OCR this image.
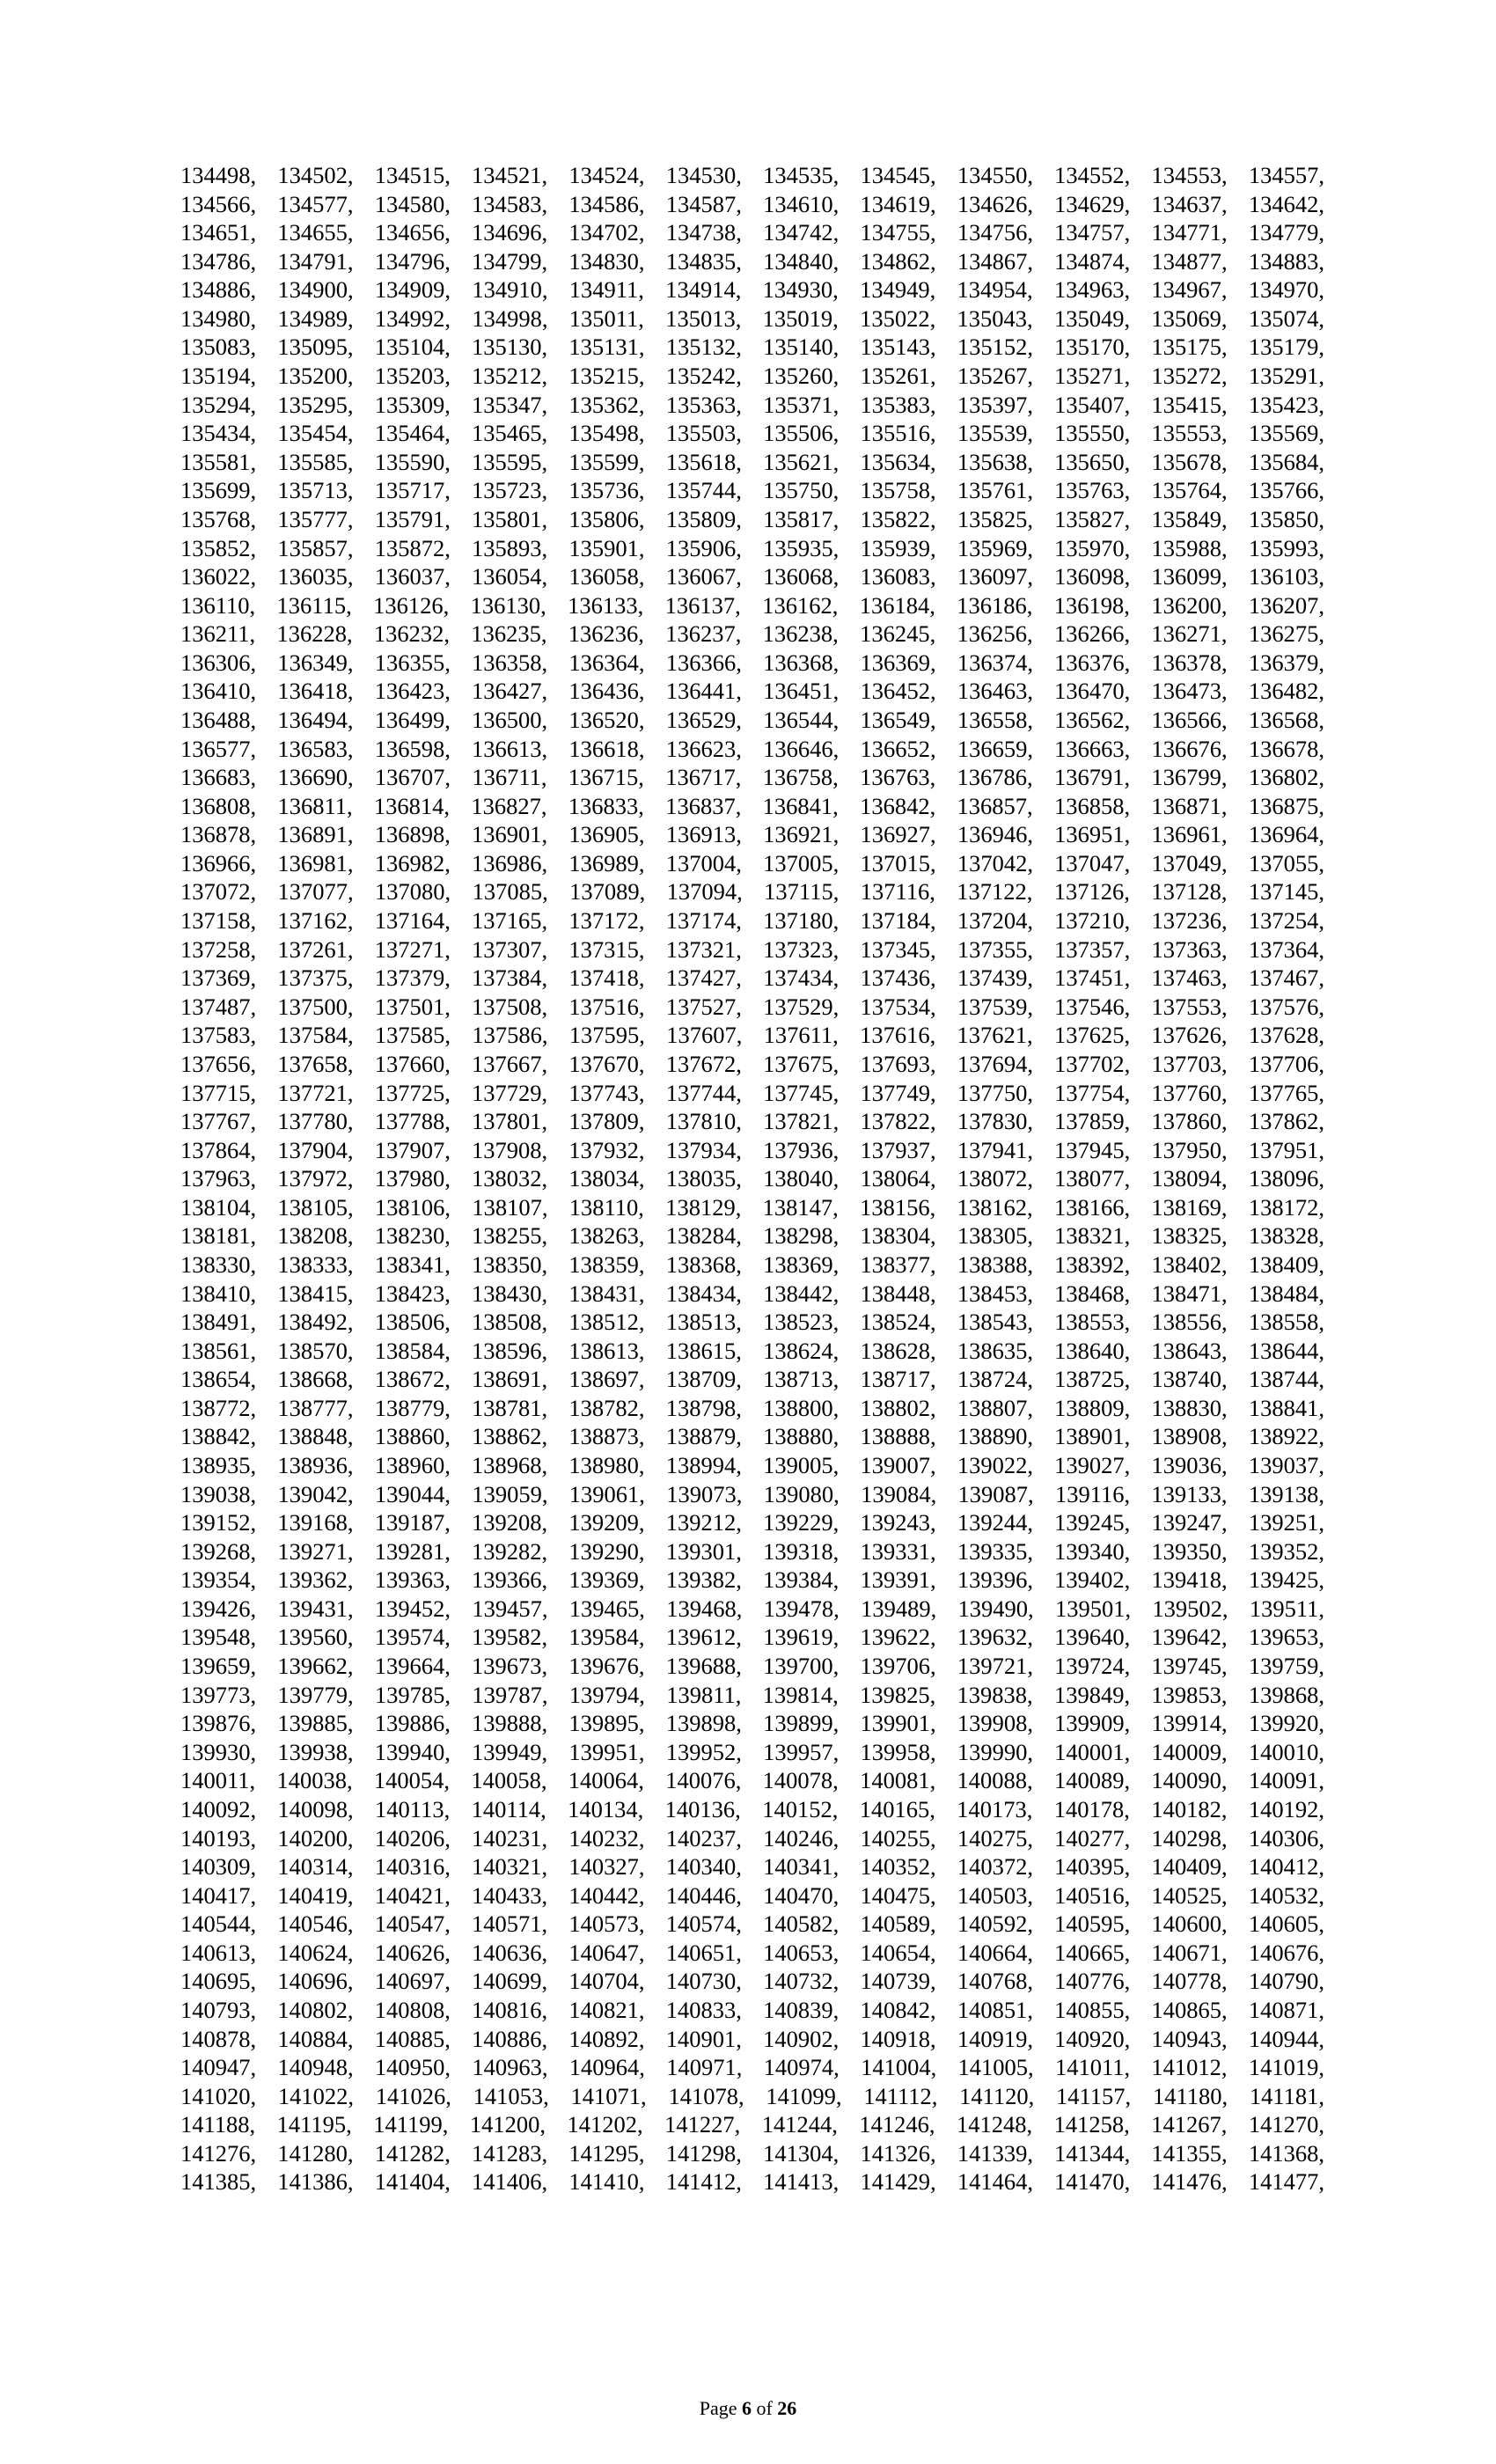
134498, 134502, 134515, 134521, 134524, 134530, 134535, 134545, 134550, 134552, 134553, 134557,
134566, 134577, 134580, 134583, 134586, 134587, 134610, 134619, 134626, 134629, 134637, 134642,
134651, 134655, 134656, 134696, 134702, 134738, 134742, 134755, 134756, 134757, 134771, 134779,
134786, 134791, 134796, 134799, 134830, 134835, 134840, 134862, 134867, 134874, 134877, 134883,
134886, 134900, 134909, 134910, 134911, 134914, 134930, 134949, 134954, 134963, 134967, 134970,
134980, 134989, 134992, 134998, 135011, 135013, 135019, 135022, 135043, 135049, 135069, 135074,
135083, 135095, 135104, 135130, 135131, 135132, 135140, 135143, 135152, 135170, 135175, 135179,
135194, 135200, 135203, 135212, 135215, 135242, 135260, 135261, 135267, 135271, 135272, 135291,
135294, 135295, 135309, 135347, 135362, 135363, 135371, 135383, 135397, 135407, 135415, 135423,
135434, 135454, 135464, 135465, 135498, 135503, 135506, 135516, 135539, 135550, 135553, 135569,
135581, 135585, 135590, 135595, 135599, 135618, 135621, 135634, 135638, 135650, 135678, 135684,
135699, 135713, 135717, 135723, 135736, 135744, 135750, 135758, 135761, 135763, 135764, 135766,
135768, 135777, 135791, 135801, 135806, 135809, 135817, 135822, 135825, 135827, 135849, 135850,
135852, 135857, 135872, 135893, 135901, 135906, 135935, 135939, 135969, 135970, 135988, 135993,
136022, 136035, 136037, 136054, 136058, 136067, 136068, 136083, 136097, 136098, 136099, 136103,
136110, 136115, 136126, 136130, 136133, 136137, 136162, 136184, 136186, 136198, 136200, 136207,
136211, 136228, 136232, 136235, 136236, 136237, 136238, 136245, 136256, 136266, 136271, 136275,
136306, 136349, 136355, 136358, 136364, 136366, 136368, 136369, 136374, 136376, 136378, 136379,
136410, 136418, 136423, 136427, 136436, 136441, 136451, 136452, 136463, 136470, 136473, 136482,
136488, 136494, 136499, 136500, 136520, 136529, 136544, 136549, 136558, 136562, 136566, 136568,
136577, 136583, 136598, 136613, 136618, 136623, 136646, 136652, 136659, 136663, 136676, 136678,
136683, 136690, 136707, 136711, 136715, 136717, 136758, 136763, 136786, 136791, 136799, 136802,
136808, 136811, 136814, 136827, 136833, 136837, 136841, 136842, 136857, 136858, 136871, 136875,
136878, 136891, 136898, 136901, 136905, 136913, 136921, 136927, 136946, 136951, 136961, 136964,
136966, 136981, 136982, 136986, 136989, 137004, 137005, 137015, 137042, 137047, 137049, 137055,
137072, 137077, 137080, 137085, 137089, 137094, 137115, 137116, 137122, 137126, 137128, 137145,
137158, 137162, 137164, 137165, 137172, 137174, 137180, 137184, 137204, 137210, 137236, 137254,
137258, 137261, 137271, 137307, 137315, 137321, 137323, 137345, 137355, 137357, 137363, 137364,
137369, 137375, 137379, 137384, 137418, 137427, 137434, 137436, 137439, 137451, 137463, 137467,
137487, 137500, 137501, 137508, 137516, 137527, 137529, 137534, 137539, 137546, 137553, 137576,
137583, 137584, 137585, 137586, 137595, 137607, 137611, 137616, 137621, 137625, 137626, 137628,
137656, 137658, 137660, 137667, 137670, 137672, 137675, 137693, 137694, 137702, 137703, 137706,
137715, 137721, 137725, 137729, 137743, 137744, 137745, 137749, 137750, 137754, 137760, 137765,
137767, 137780, 137788, 137801, 137809, 137810, 137821, 137822, 137830, 137859, 137860, 137862,
137864, 137904, 137907, 137908, 137932, 137934, 137936, 137937, 137941, 137945, 137950, 137951,
137963, 137972, 137980, 138032, 138034, 138035, 138040, 138064, 138072, 138077, 138094, 138096,
138104, 138105, 138106, 138107, 138110, 138129, 138147, 138156, 138162, 138166, 138169, 138172,
138181, 138208, 138230, 138255, 138263, 138284, 138298, 138304, 138305, 138321, 138325, 138328,
138330, 138333, 138341, 138350, 138359, 138368, 138369, 138377, 138388, 138392, 138402, 138409,
138410, 138415, 138423, 138430, 138431, 138434, 138442, 138448, 138453, 138468, 138471, 138484,
138491, 138492, 138506, 138508, 138512, 138513, 138523, 138524, 138543, 138553, 138556, 138558,
138561, 138570, 138584, 138596, 138613, 138615, 138624, 138628, 138635, 138640, 138643, 138644,
138654, 138668, 138672, 138691, 138697, 138709, 138713, 138717, 138724, 138725, 138740, 138744,
138772, 138777, 138779, 138781, 138782, 138798, 138800, 138802, 138807, 138809, 138830, 138841,
138842, 138848, 138860, 138862, 138873, 138879, 138880, 138888, 138890, 138901, 138908, 138922,
138935, 138936, 138960, 138968, 138980, 138994, 139005, 139007, 139022, 139027, 139036, 139037,
139038, 139042, 139044, 139059, 139061, 139073, 139080, 139084, 139087, 139116, 139133, 139138,
139152, 139168, 139187, 139208, 139209, 139212, 139229, 139243, 139244, 139245, 139247, 139251,
139268, 139271, 139281, 139282, 139290, 139301, 139318, 139331, 139335, 139340, 139350, 139352,
139354, 139362, 139363, 139366, 139369, 139382, 139384, 139391, 139396, 139402, 139418, 139425,
139426, 139431, 139452, 139457, 139465, 139468, 139478, 139489, 139490, 139501, 139502, 139511,
139548, 139560, 139574, 139582, 139584, 139612, 139619, 139622, 139632, 139640, 139642, 139653,
139659, 139662, 139664, 139673, 139676, 139688, 139700, 139706, 139721, 139724, 139745, 139759,
139773, 139779, 139785, 139787, 139794, 139811, 139814, 139825, 139838, 139849, 139853, 139868,
139876, 139885, 139886, 139888, 139895, 139898, 139899, 139901, 139908, 139909, 139914, 139920,
139930, 139938, 139940, 139949, 139951, 139952, 139957, 139958, 139990, 140001, 140009, 140010,
140011, 140038, 140054, 140058, 140064, 140076, 140078, 140081, 140088, 140089, 140090, 140091,
140092, 140098, 140113, 140114, 140134, 140136, 140152, 140165, 140173, 140178, 140182, 140192,
140193, 140200, 140206, 140231, 140232, 140237, 140246, 140255, 140275, 140277, 140298, 140306,
140309, 140314, 140316, 140321, 140327, 140340, 140341, 140352, 140372, 140395, 140409, 140412,
140417, 140419, 140421, 140433, 140442, 140446, 140470, 140475, 140503, 140516, 140525, 140532,
140544, 140546, 140547, 140571, 140573, 140574, 140582, 140589, 140592, 140595, 140600, 140605,
140613, 140624, 140626, 140636, 140647, 140651, 140653, 140654, 140664, 140665, 140671, 140676,
140695, 140696, 140697, 140699, 140704, 140730, 140732, 140739, 140768, 140776, 140778, 140790,
140793, 140802, 140808, 140816, 140821, 140833, 140839, 140842, 140851, 140855, 140865, 140871,
140878, 140884, 140885, 140886, 140892, 140901, 140902, 140918, 140919, 140920, 140943, 140944,
140947, 140948, 140950, 140963, 140964, 140971, 140974, 141004, 141005, 141011, 141012, 141019,
141020, 141022, 141026, 141053, 141071, 141078, 141099, 141112, 141120, 141157, 141180, 141181,
141188, 141195, 141199, 141200, 141202, 141227, 141244, 141246, 141248, 141258, 141267, 141270,
141276, 141280, 141282, 141283, 141295, 141298, 141304, 141326, 141339, 141344, 141355, 141368,
141385, 141386, 141404, 141406, 141410, 141412, 141413, 141429, 141464, 141470, 141476, 141477,
Page 6 of 26
